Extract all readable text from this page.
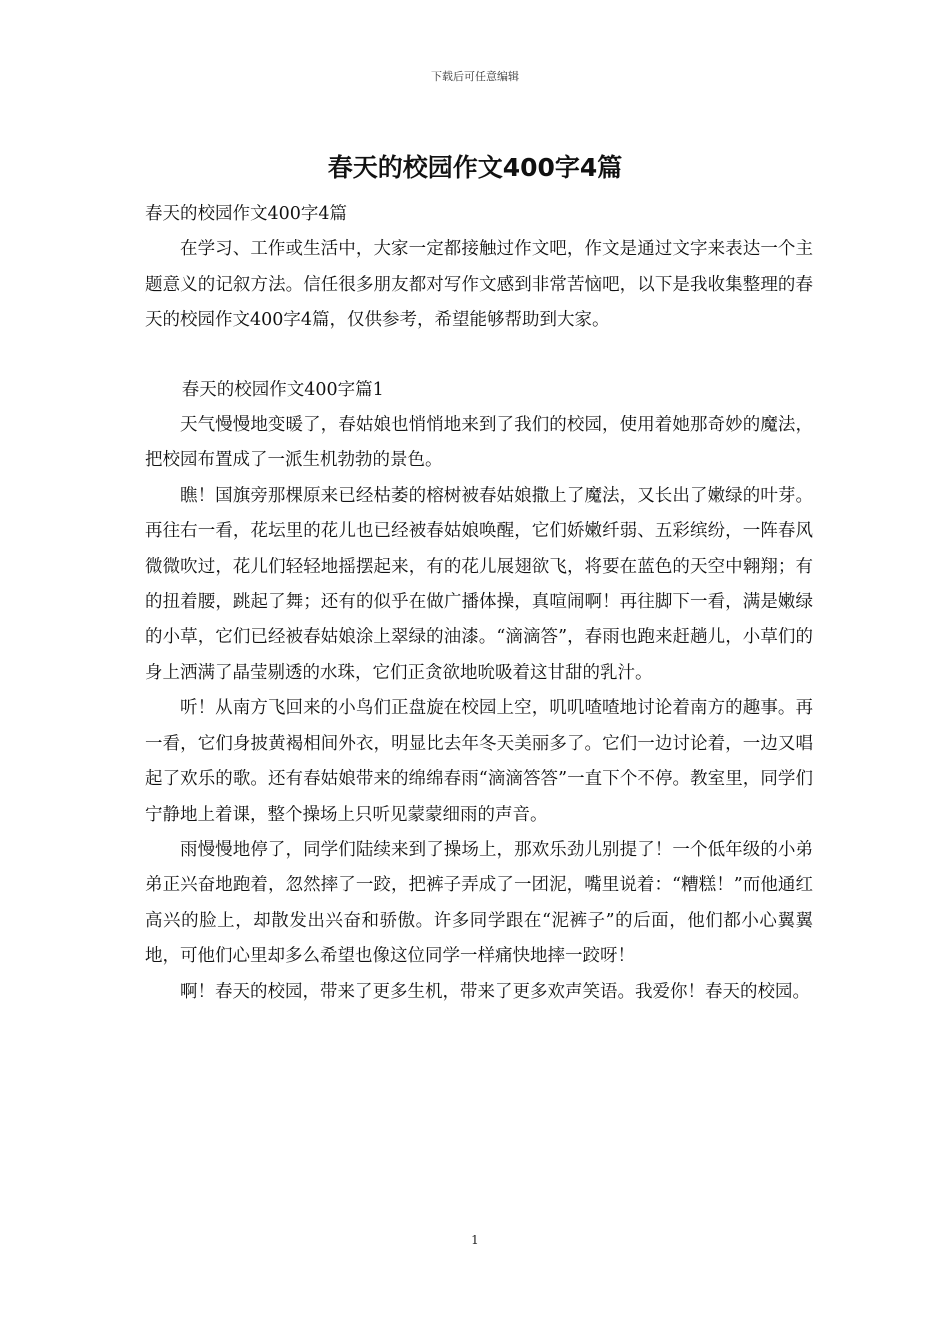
下载后可任意编辑
春天的校园作文400字4篇

春天的校园作文400字4篇

在学习、工作或生活中，大家一定都接触过作文吧，作文是通过文字来表达一个主题意义的记叙方法。信任很多朋友都对写作文感到非常苦恼吧，以下是我收集整理的春天的校园作文400字4篇，仅供参考，希望能够帮助到大家。

春天的校园作文400字篇1

天气慢慢地变暖了，春姑娘也悄悄地来到了我们的校园，使用着她那奇妙的魔法，把校园布置成了一派生机勃勃的景色。

瞧！国旗旁那棵原来已经枯萎的榕树被春姑娘撒上了魔法，又长出了嫩绿的叶芽。再往右一看，花坛里的花儿也已经被春姑娘唤醒，它们娇嫩纤弱、五彩缤纷，一阵春风微微吹过，花儿们轻轻地摇摆起来，有的花儿展翅欲飞，将要在蓝色的天空中翱翔；有的扭着腰，跳起了舞；还有的似乎在做广播体操，真喧闹啊！再往脚下一看，满是嫩绿的小草，它们已经被春姑娘涂上翠绿的油漆。“滴滴答”，春雨也跑来赶趟儿，小草们的身上洒满了晶莹剔透的水珠，它们正贪欲地吮吸着这甘甜的乳汁。

听！从南方飞回来的小鸟们正盘旋在校园上空，叽叽喳喳地讨论着南方的趣事。再一看，它们身披黄褐相间外衣，明显比去年冬天美丽多了。它们一边讨论着，一边又唱起了欢乐的歌。还有春姑娘带来的绵绵春雨“滴滴答答”一直下个不停。教室里，同学们宁静地上着课，整个操场上只听见蒙蒙细雨的声音。

雨慢慢地停了，同学们陆续来到了操场上，那欢乐劲儿别提了！一个低年级的小弟弟正兴奋地跑着，忽然摔了一跤，把裤子弄成了一团泥，嘴里说着：“糟糕！”而他通红高兴的脸上，却散发出兴奋和骄傲。许多同学跟在“泥裤子”的后面，他们都小心翼翼地，可他们心里却多么希望也像这位同学一样痛快地摔一跤呀！

啊！春天的校园，带来了更多生机，带来了更多欢声笑语。我爱你！春天的校园。

1
